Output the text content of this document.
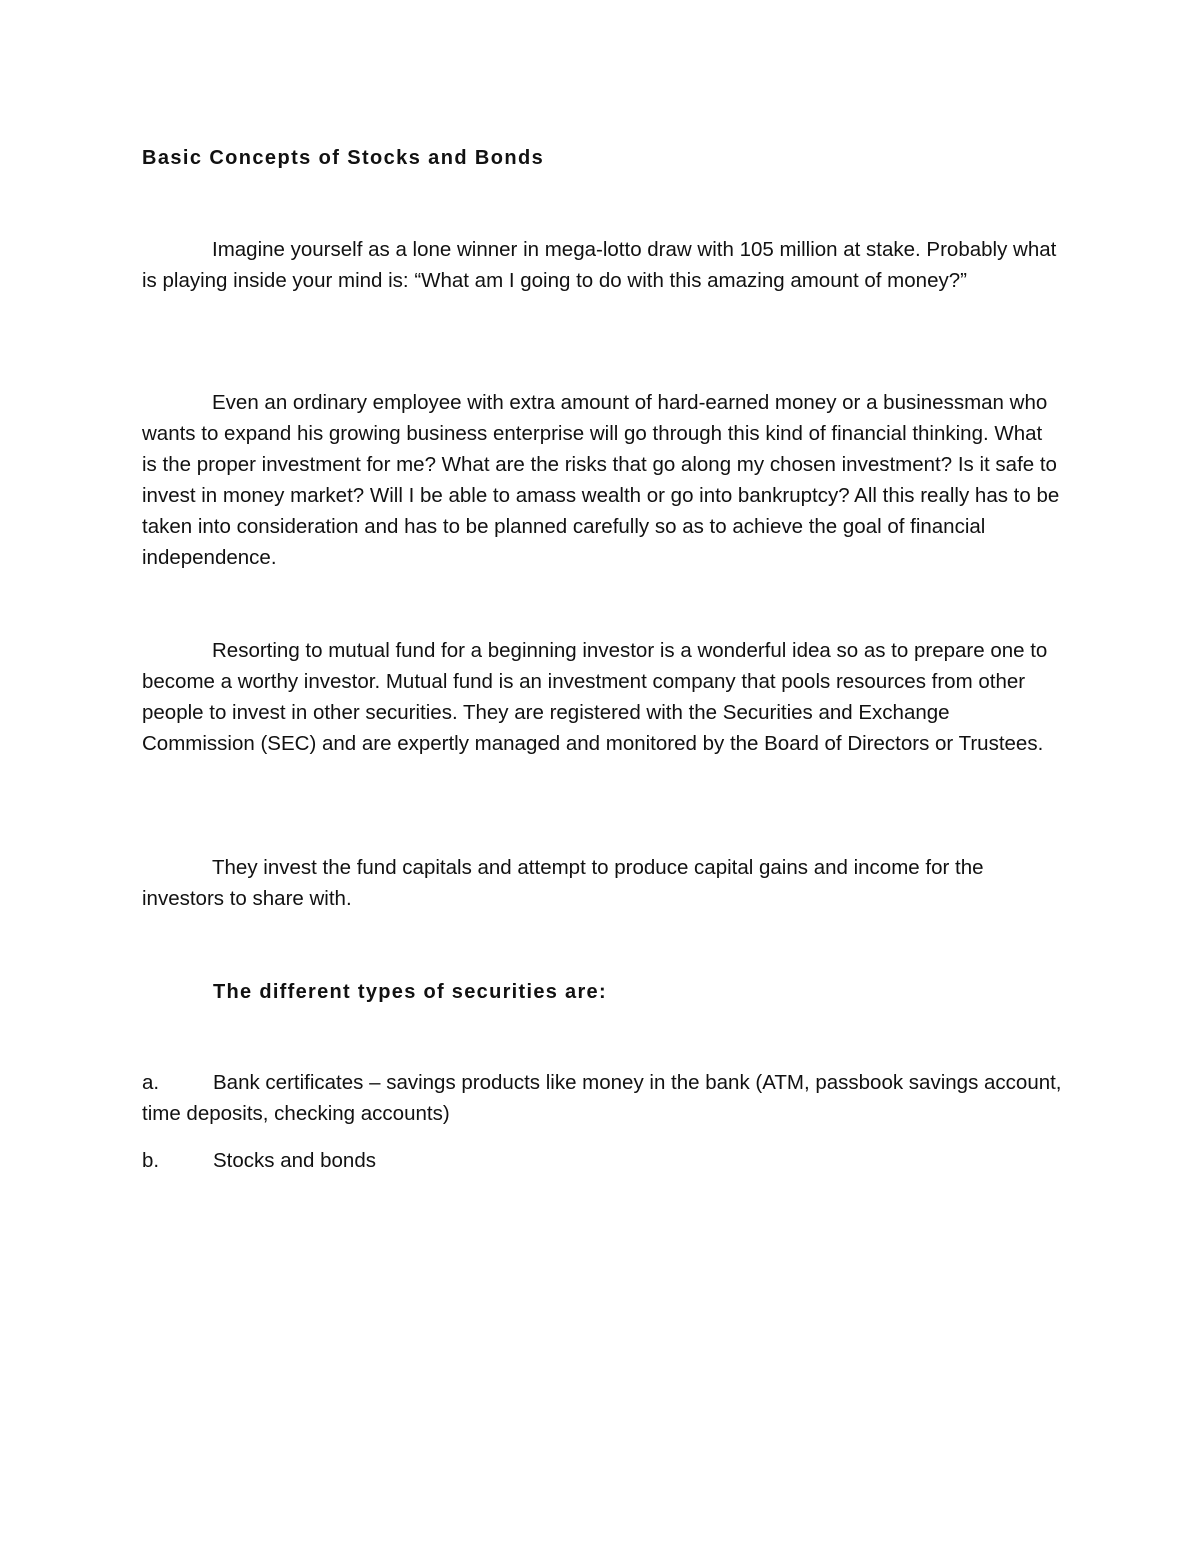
Basic Concepts of Stocks and Bonds

Imagine yourself as a lone winner in mega-lotto draw with 105 million at stake. Probably what is playing inside your mind is: “What am I going to do with this amazing amount of money?”

Even an ordinary employee with extra amount of hard-earned money or a businessman who wants to expand his growing business enterprise will go through this kind of financial thinking. What is the proper investment for me? What are the risks that go along my chosen investment? Is it safe to invest in money market? Will I be able to amass wealth or go into bankruptcy? All this really has to be taken into consideration and has to be planned carefully so as to achieve the goal of financial independence.

Resorting to mutual fund for a beginning investor is a wonderful idea so as to prepare one to become a worthy investor. Mutual fund is an investment company that pools resources from other people to invest in other securities. They are registered with the Securities and Exchange Commission (SEC) and are expertly managed and monitored by the Board of Directors or Trustees.

They invest the fund capitals and attempt to produce capital gains and income for the investors to share with.

The different types of securities are:

a.	Bank certificates – savings products like money in the bank (ATM, passbook savings account, time deposits, checking accounts)

b.	Stocks and bonds
